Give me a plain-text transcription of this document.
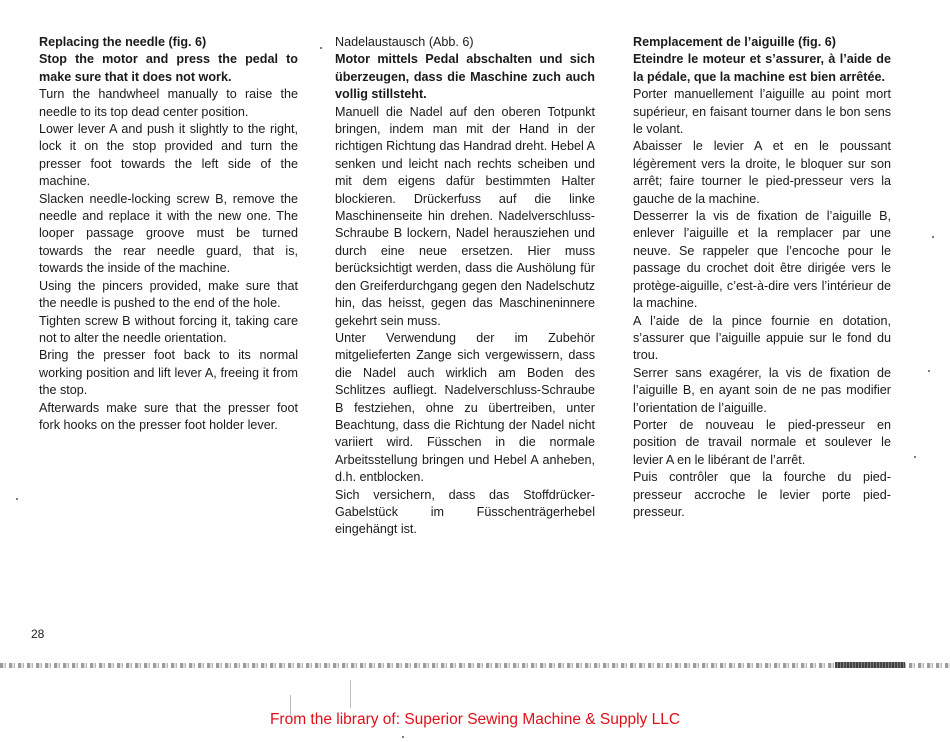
Replacing the needle (fig. 6)

Stop the motor and press the pedal to make sure that it does not work.

Turn the handwheel manually to raise the needle to its top dead center position.

Lower lever A and push it slightly to the right, lock it on the stop provided and turn the presser foot towards the left side of the machine.

Slacken needle-locking screw B, remove the needle and replace it with the new one. The looper passage groove must be turned towards the rear needle guard, that is, towards the inside of the machine.

Using the pincers provided, make sure that the needle is pushed to the end of the hole.

Tighten screw B without forcing it, taking care not to alter the needle orientation.

Bring the presser foot back to its normal working position and lift lever A, freeing it from the stop.

Afterwards make sure that the presser foot fork hooks on the presser foot holder lever.

Nadelaustausch (Abb. 6)

Motor mittels Pedal abschalten und sich überzeugen, dass die Maschine zuch auch vollig stillsteht.

Manuell die Nadel auf den oberen Totpunkt bringen, indem man mit der Hand in der richtigen Richtung das Handrad dreht. Hebel A senken und leicht nach rechts scheiben und mit dem eigens dafür bestimmten Halter blockieren. Drückerfuss auf die linke Maschinenseite hin drehen. Nadelverschluss-Schraube B lockern, Nadel herausziehen und durch eine neue ersetzen. Hier muss berücksichtigt werden, dass die Aushölung für den Greiferdurchgang gegen den Nadelschutz hin, das heisst, gegen das Maschineninnere gekehrt sein muss.

Unter Verwendung der im Zubehör mitgelieferten Zange sich vergewissern, dass die Nadel auch wirklich am Boden des Schlitzes aufliegt. Nadelverschluss-Schraube B festziehen, ohne zu übertreiben, unter Beachtung, dass die Richtung der Nadel nicht variiert wird. Füsschen in die normale Arbeitsstellung bringen und Hebel A anheben, d.h. entblocken.

Sich versichern, dass das Stoffdrücker-Gabelstück im Füsschenträgerhebel eingehängt ist.

Remplacement de l’aiguille (fig. 6)

Eteindre le moteur et s’assurer, à l’aide de la pédale, que la machine est bien arrêtée.

Porter manuellement l’aiguille au point mort supérieur, en faisant tourner dans le bon sens le volant.

Abaisser le levier A et en le poussant légèrement vers la droite, le bloquer sur son arrêt; faire tourner le pied-presseur vers la gauche de la machine.

Desserrer la vis de fixation de l’aiguille B, enlever l’aiguille et la remplacer par une neuve. Se rappeler que l’encoche pour le passage du crochet doit être dirigée vers le protège-aiguille, c’est-à-dire vers l’intérieur de la machine.

A l’aide de la pince fournie en dotation, s’assurer que l’aiguille appuie sur le fond du trou.

Serrer sans exagérer, la vis de fixation de l’aiguille B, en ayant soin de ne pas modifier l’orientation de l’aiguille.

Porter de nouveau le pied-presseur en position de travail normale et soulever le levier A en le libérant de l’arrêt.

Puis contrôler que la fourche du pied-presseur accroche le levier porte pied-presseur.

28
From the library of: Superior Sewing Machine & Supply LLC
